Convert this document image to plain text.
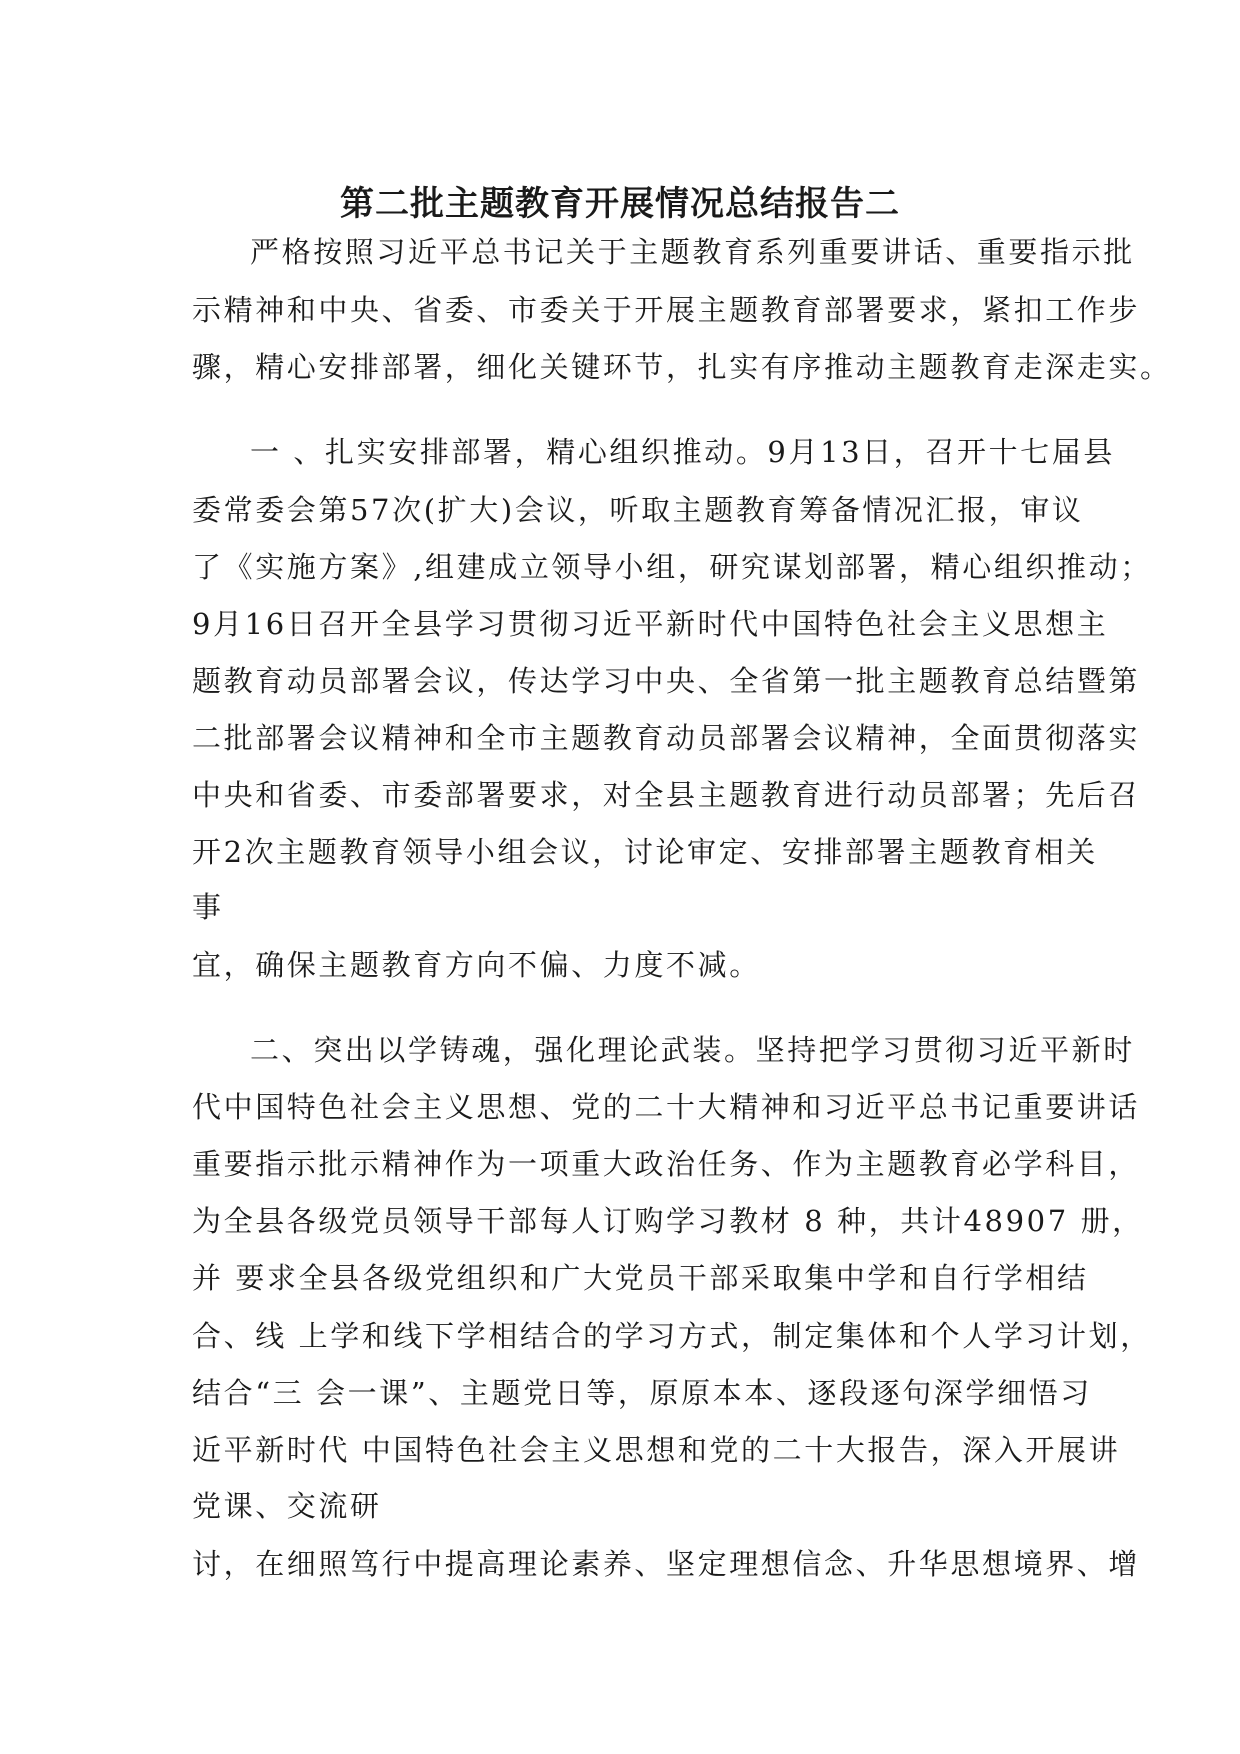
第二批主题教育开展情况总结报告二

严格按照习近平总书记关于主题教育系列重要讲话、重要指示批

示精神和中央、省委、市委关于开展主题教育部署要求，紧扣工作步

骤，精心安排部署，细化关键环节，扎实有序推动主题教育走深走实。

一 、扎实安排部署，精心组织推动。9月13日，召开十七届县

委常委会第57次(扩大)会议，听取主题教育筹备情况汇报，审议

了《实施方案》,组建成立领导小组，研究谋划部署，精心组织推动；

9月16日召开全县学习贯彻习近平新时代中国特色社会主义思想主

题教育动员部署会议，传达学习中央、全省第一批主题教育总结暨第

二批部署会议精神和全市主题教育动员部署会议精神，全面贯彻落实

中央和省委、市委部署要求，对全县主题教育进行动员部署；先后召

开2次主题教育领导小组会议，讨论审定、安排部署主题教育相关

事

宜，确保主题教育方向不偏、力度不减。

二、突出以学铸魂，强化理论武装。坚持把学习贯彻习近平新时

代中国特色社会主义思想、党的二十大精神和习近平总书记重要讲话

重要指示批示精神作为一项重大政治任务、作为主题教育必学科目，

为全县各级党员领导干部每人订购学习教材 8 种，共计48907 册，

并 要求全县各级党组织和广大党员干部采取集中学和自行学相结

合、线 上学和线下学相结合的学习方式，制定集体和个人学习计划，

结合“三 会一课”、主题党日等，原原本本、逐段逐句深学细悟习

近平新时代 中国特色社会主义思想和党的二十大报告，深入开展讲

党课、交流研

讨，在细照笃行中提高理论素养、坚定理想信念、升华思想境界、增
